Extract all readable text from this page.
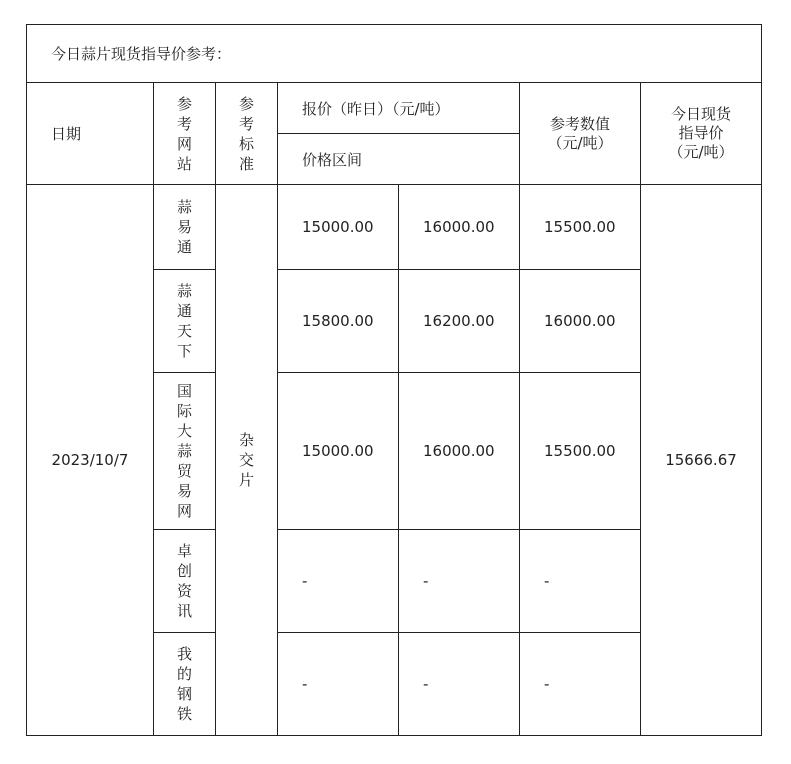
今日蒜片现货指导价参考：						
日期	参考网站	参考标准	报价（昨日）（元/吨）		参考数值（元/吨）	今日现货指导价（元/吨）
			价格区间			
2023/10/7	蒜易通	杂交片	15000.00	16000.00	15500.00	15666.67
	蒜通天下		15800.00	16200.00	16000.00	
	国际大蒜贸易网		15000.00	16000.00	15500.00	
	卓创资讯		-	-	-	
	我的钢铁		-	-	-	
